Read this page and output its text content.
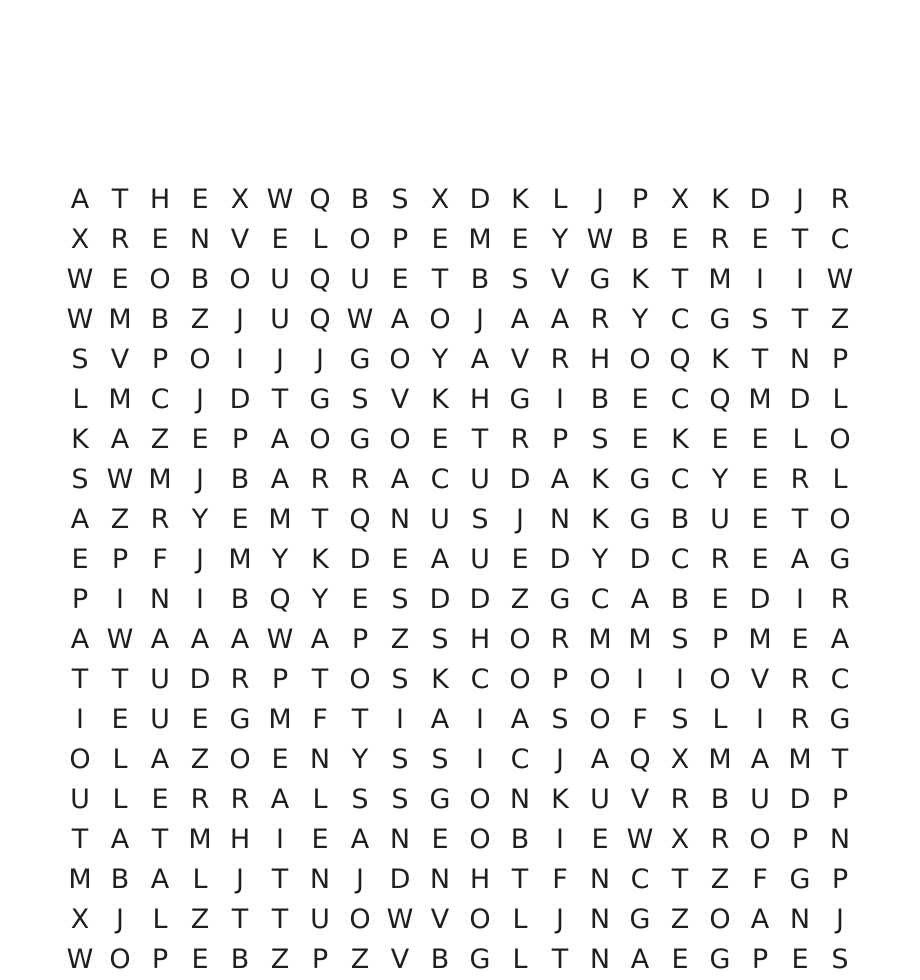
A T H E X W Q B S X D K L	J	P X K D J R
X R E N V E L O P E M E Y W B E R E T C
W E O B O U Q U E T B S V G K T M I	I W
W M B Z J U Q W A O J A A R Y C G S T Z
S V P O I	J	J G O Y A V R H O Q K T N P
L M C J D T G S V K H G I B E C Q M D L
K A Z E P A O G O E T R P S E K E E L O
S W M J B A R R A C U D A K G C Y E R L
A Z R Y E M T Q N U S	J N K G B U E T O
E P F	J M Y K D E A U E D Y D C R E A G
P	I N I B Q Y E S D D Z G C A B E D I R
A W A A A W A P Z S H O R M M S P M E A
T T U D R P T O S K C O P O I	I O V R C
I	E U E G M F T	I A I A S O F S L	I R G
O L A Z O E N Y S S	I C J A Q X M A M T
U L E R R A L S S G O N K U V R B U D P
T A T M H I	E A N E O B I	E W X R O P N
M B A L	J	T N J D N H T F N C T Z F G P
X J	L Z T T U O W V O L	J N G Z O A N J
W O P E B Z P Z V B G L T N A E G P E S
